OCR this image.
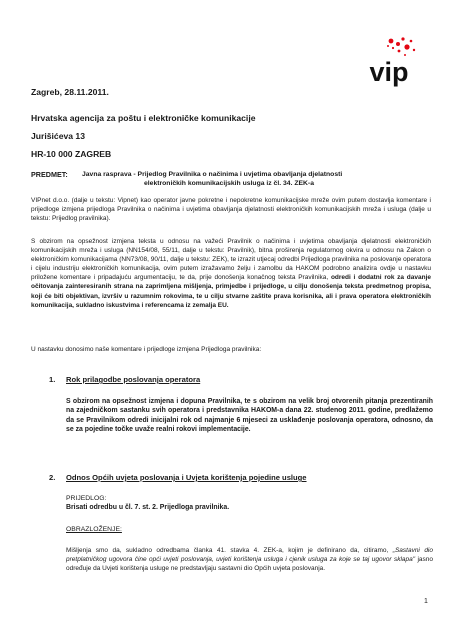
vip
Zagreb, 28.11.2011.
Hrvatska agencija za poštu i elektroničke komunikacije
Jurišićeva 13
HR-10 000 ZAGREB
PREDMET: Javna rasprava - Prijedlog Pravilnika o načinima i uvjetima obavljanja djelatnosti
elektroničkih komunikacijskih usluga iz čl. 34. ZEK-a

VIPnet d.o.o. (dalje u tekstu: Vipnet) kao operator javne pokretne i nepokretne komunikacijske mreže ovim putem dostavlja komentare i prijedloge izmjena prijedloga Pravilnika o načinima i uvjetima obavljanja djelatnosti elektroničkih komunikacijskih mreža i usluga (dalje u tekstu: Prijedlog pravilnika).

S obzirom na opsežnost izmjena teksta u odnosu na važeći Pravilnik o načinima i uvjetima obavljanja djelatnosti elektroničkih komunikacijskih mreža i usluga (NN154/08, 55/11, dalje u tekstu: Pravilnik), bitna proširenja regulatornog okvira u odnosu na Zakon o elektroničkim komunikacijama (NN73/08, 90/11, dalje u tekstu: ZEK), te izrazit utjecaj odredbi Prijedloga pravilnika na poslovanje operatora i cijelu industriju elektroničkih komunikacija, ovim putem izražavamo želju i zamolbu da HAKOM podrobno analizira ovdje u nastavku priložene komentare i pripadajuću argumentaciju, te da, prije donošenja konačnog teksta Pravilnika, odredi i dodatni rok za davanje očitovanja zainteresiranih strana na zaprimljena mišljenja, primjedbe i prijedloge, u cilju donošenja teksta predmetnog propisa, koji će biti objektivan, izvršiv u razumnim rokovima, te u cilju stvarne zaštite prava korisnika, ali i prava operatora elektroničkih komunikacija, sukladno iskustvima i referencama iz zemalja EU.

U nastavku donosimo naše komentare i prijedloge izmjena Prijedloga pravilnika:

1. Rok prilagodbe poslovanja operatora
S obzirom na opsežnost izmjena i dopuna Pravilnika, te s obzirom na velik broj otvorenih pitanja prezentiranih na zajedničkom sastanku svih operatora i predstavnika HAKOM-a dana 22. studenog 2011. godine, predlažemo da se Pravilnikom odredi inicijalni rok od najmanje 6 mjeseci za usklađenje poslovanja operatora, odnosno, da se za pojedine točke uvaže realni rokovi implementacije.
2. Odnos Općih uvjeta poslovanja i Uvjeta korištenja pojedine usluge
PRIJEDLOG:
Brisati odredbu u čl. 7. st. 2. Prijedloga pravilnika.
OBRAZLOŽENJE:

Mišljenja smo da, sukladno odredbama članka 41. stavka 4. ZEK-a, kojim je definirano da, citiramo, „Sastavni dio pretplatničkog ugovora čine opći uvjeti poslovanja, uvjeti korištenja usluga i cjenik usluga za koje se taj ugovor sklapa" jasno određuje da Uvjeti korištenja usluge ne predstavljaju sastavni dio Općih uvjeta poslovanja.

1
